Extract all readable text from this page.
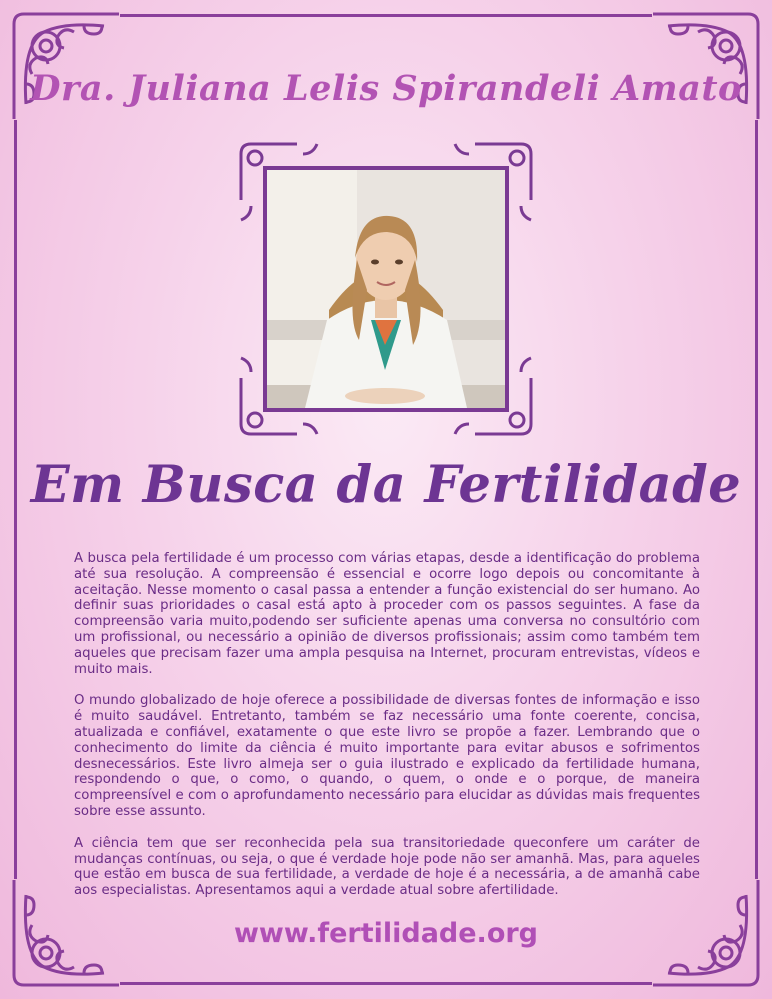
Dra. Juliana Lelis Spirandeli Amato
Em Busca da Fertilidade

A busca pela fertilidade é um processo com várias etapas, desde a identificação do problema até sua resolução. A compreensão é essencial e ocorre logo depois ou concomitante à aceitação. Nesse momento o casal passa a entender a função existencial do ser humano. Ao definir suas prioridades o casal está apto à proceder com os passos seguintes. A fase da compreensão varia muito,podendo ser suficiente apenas uma conversa no consultório com um profissional, ou necessário a opinião de diversos profissionais; assim como também tem aqueles que precisam fazer uma ampla pesquisa na Internet, procuram entrevistas, vídeos e muito mais.

O mundo globalizado de hoje oferece a possibilidade de diversas fontes de informação e isso é muito saudável. Entretanto, também se faz necessário uma fonte coerente, concisa, atualizada e confiável, exatamente o que este livro se propõe a fazer. Lembrando que o conhecimento do limite da ciência é muito importante para evitar abusos e sofrimentos desnecessários. Este livro almeja ser o guia ilustrado e explicado da fertilidade humana, respondendo o que, o como, o quando, o quem, o onde e o porque, de maneira compreensível e com o aprofundamento necessário para elucidar as dúvidas mais frequentes sobre esse assunto.

A ciência tem que ser reconhecida pela sua transitoriedade queconfere um caráter de mudanças contínuas, ou seja, o que é verdade hoje pode não ser amanhã. Mas, para aqueles que estão em busca de sua fertilidade, a verdade de hoje é a necessária, a de amanhã cabe aos especialistas. Apresentamos aqui a verdade atual sobre afertilidade.

www.fertilidade.org
